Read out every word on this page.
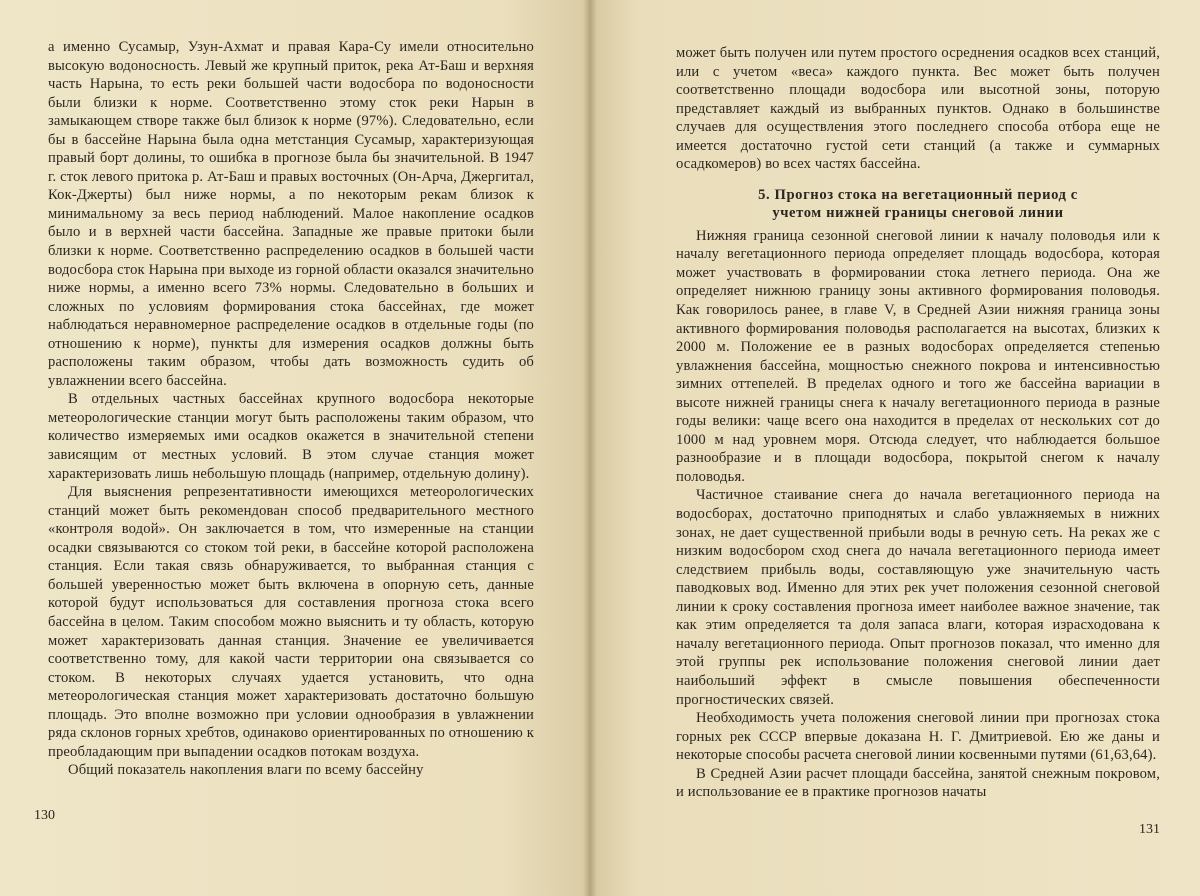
а именно Сусамыр, Узун-Ахмат и правая Кара-Су имели относительно высокую водоносность. Левый же крупный приток, река Ат-Баш и верхняя часть Нарына, то есть реки большей части водосбора по водоносности были близки к норме. Соответственно этому сток реки Нарын в замыкающем створе также был близок к норме (97%). Следовательно, если бы в бассейне Нарына была одна метстанция Сусамыр, характеризующая правый борт долины, то ошибка в прогнозе была бы значительной. В 1947 г. сток левого притока р. Ат-Баш и правых восточных (Он-Арча, Джергитал, Кок-Джерты) был ниже нормы, а по некоторым рекам близок к минимальному за весь период наблюдений. Малое накопление осадков было и в верхней части бассейна. Западные же правые притоки были близки к норме. Соответственно распределению осадков в большей части водосбора сток Нарына при выходе из горной области оказался значительно ниже нормы, а именно всего 73% нормы. Следовательно в больших и сложных по условиям формирования стока бассейнах, где может наблюдаться неравномерное распределение осадков в отдельные годы (по отношению к норме), пункты для измерения осадков должны быть расположены таким образом, чтобы дать возможность судить об увлажнении всего бассейна.

В отдельных частных бассейнах крупного водосбора некоторые метеорологические станции могут быть расположены таким образом, что количество измеряемых ими осадков окажется в значительной степени зависящим от местных условий. В этом случае станция может характеризовать лишь небольшую площадь (например, отдельную долину).

Для выяснения репрезентативности имеющихся метеорологических станций может быть рекомендован способ предварительного местного «контроля водой». Он заключается в том, что измеренные на станции осадки связываются со стоком той реки, в бассейне которой расположена станция. Если такая связь обнаруживается, то выбранная станция с большей уверенностью может быть включена в опорную сеть, данные которой будут использоваться для составления прогноза стока всего бассейна в целом. Таким способом можно выяснить и ту область, которую может характеризовать данная станция. Значение ее увеличивается соответственно тому, для какой части территории она связывается со стоком. В некоторых случаях удается установить, что одна метеорологическая станция может характеризовать достаточно большую площадь. Это вполне возможно при условии однообразия в увлажнении ряда склонов горных хребтов, одинаково ориентированных по отношению к преобладающим при выпадении осадков потокам воздуха.

Общий показатель накопления влаги по всему бассейну

130

может быть получен или путем простого осреднения осадков всех станций, или с учетом «веса» каждого пункта. Вес может быть получен соответственно площади водосбора или высотной зоны, поторую представляет каждый из выбранных пунктов. Однако в большинстве случаев для осуществления этого последнего способа отбора еще не имеется достаточно густой сети станций (а также и суммарных осадкомеров) во всех частях бассейна.

5. Прогноз стока на вегетационный период с
учетом нижней границы снеговой линии

Нижняя граница сезонной снеговой линии к началу половодья или к началу вегетационного периода определяет площадь водосбора, которая может участвовать в формировании стока летнего периода. Она же определяет нижнюю границу зоны активного формирования половодья. Как говорилось ранее, в главе V, в Средней Азии нижняя граница зоны активного формирования половодья располагается на высотах, близких к 2000 м. Положение ее в разных водосборах определяется степенью увлажнения бассейна, мощностью снежного покрова и интенсивностью зимних оттепелей. В пределах одного и того же бассейна вариации в высоте нижней границы снега к началу вегетационного периода в разные годы велики: чаще всего она находится в пределах от нескольких сот до 1000 м над уровнем моря. Отсюда следует, что наблюдается большое разнообразие и в площади водосбора, покрытой снегом к началу половодья.

Частичное стаивание снега до начала вегетационного периода на водосборах, достаточно приподнятых и слабо увлажняемых в нижних зонах, не дает существенной прибыли воды в речную сеть. На реках же с низким водосбором сход снега до начала вегетационного периода имеет следствием прибыль воды, составляющую уже значительную часть паводковых вод. Именно для этих рек учет положения сезонной снеговой линии к сроку составления прогноза имеет наиболее важное значение, так как этим определяется та доля запаса влаги, которая израсходована к началу вегетационного периода. Опыт прогнозов показал, что именно для этой группы рек использование положения снеговой линии дает наибольший эффект в смысле повышения обеспеченности прогностических связей.

Необходимость учета положения снеговой линии при прогнозах стока горных рек СССР впервые доказана Н. Г. Дмитриевой. Ею же даны и некоторые способы расчета снеговой линии косвенными путями (61,63,64).

В Средней Азии расчет площади бассейна, занятой снежным покровом, и использование ее в практике прогнозов начаты

131
